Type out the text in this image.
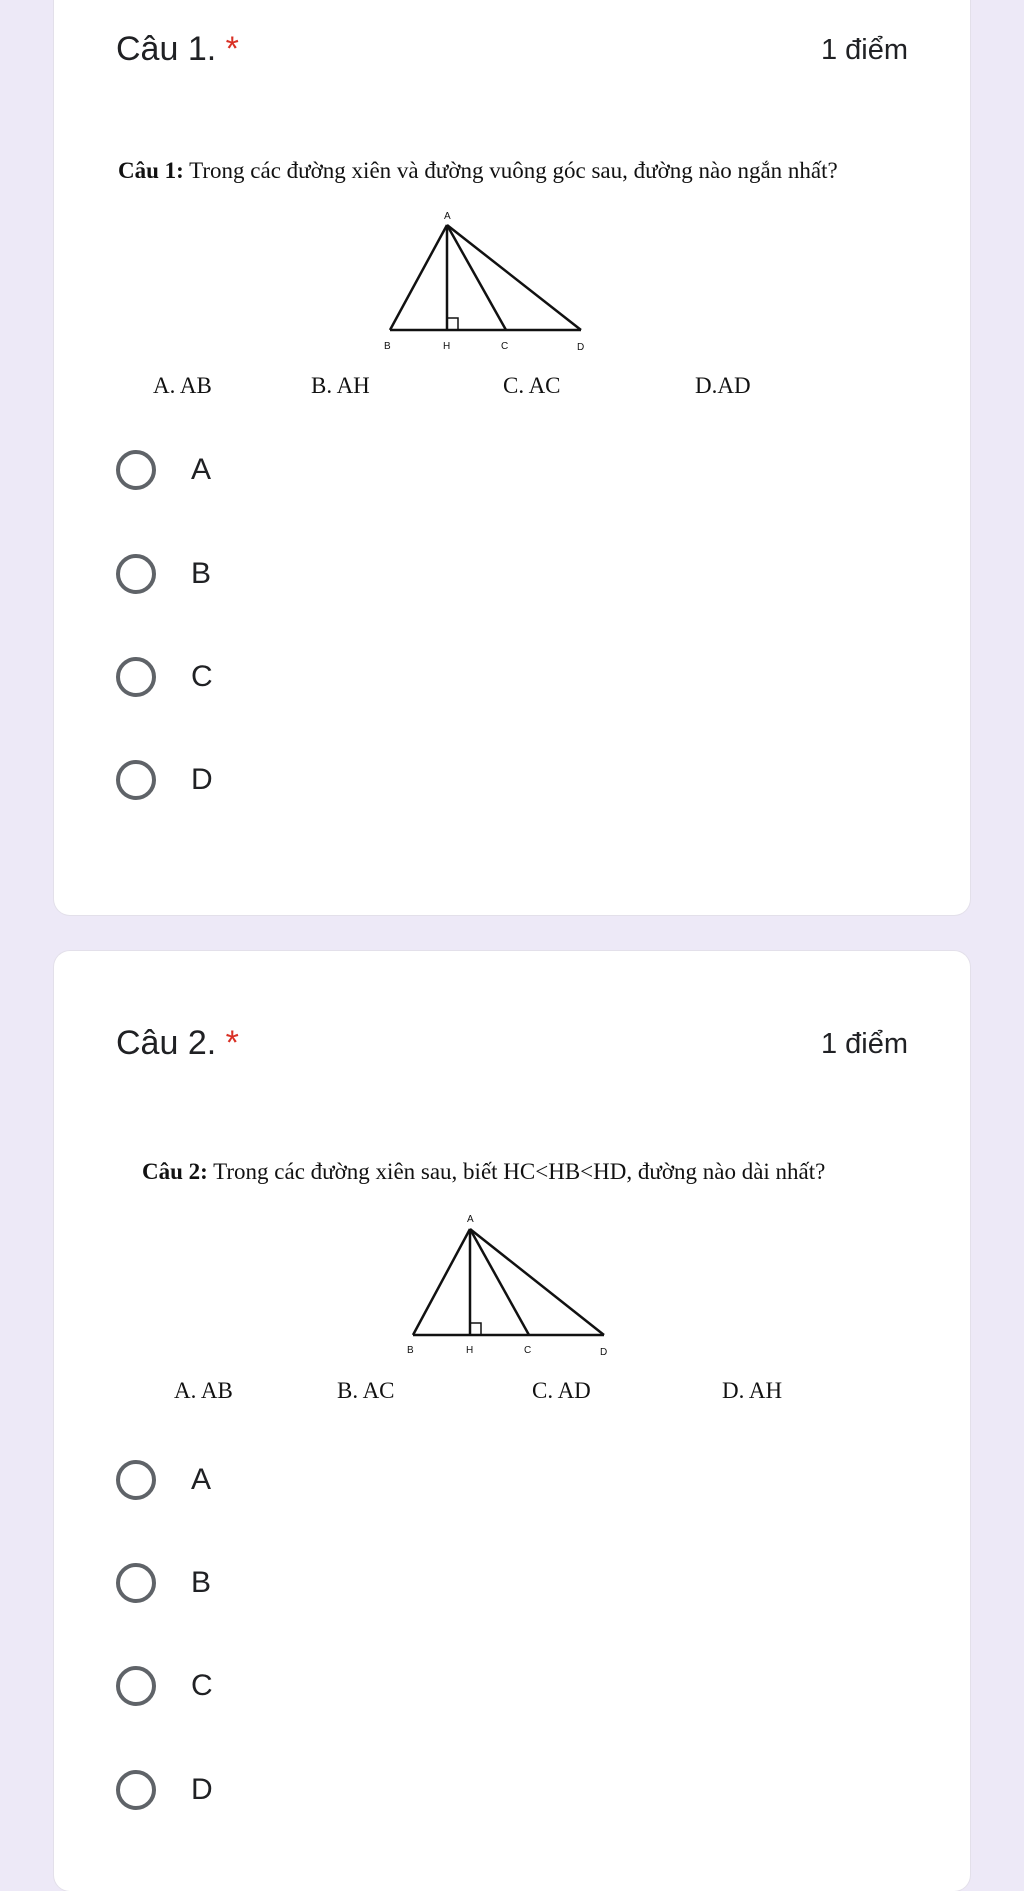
Câu 1. *	1 điểm
Câu 1: Trong các đường xiên và đường vuông góc sau, đường nào ngắn nhất?
A
B	H	C	D
A. AB	B. AH	C. AC	D.AD
A
B
C
D
Câu 2. *	1 điểm
Câu 2: Trong các đường xiên sau, biết HC<HB<HD, đường nào dài nhất?
A
B	H	C	D
A. AB	B. AC	C. AD	D. AH
A
B
C
D
